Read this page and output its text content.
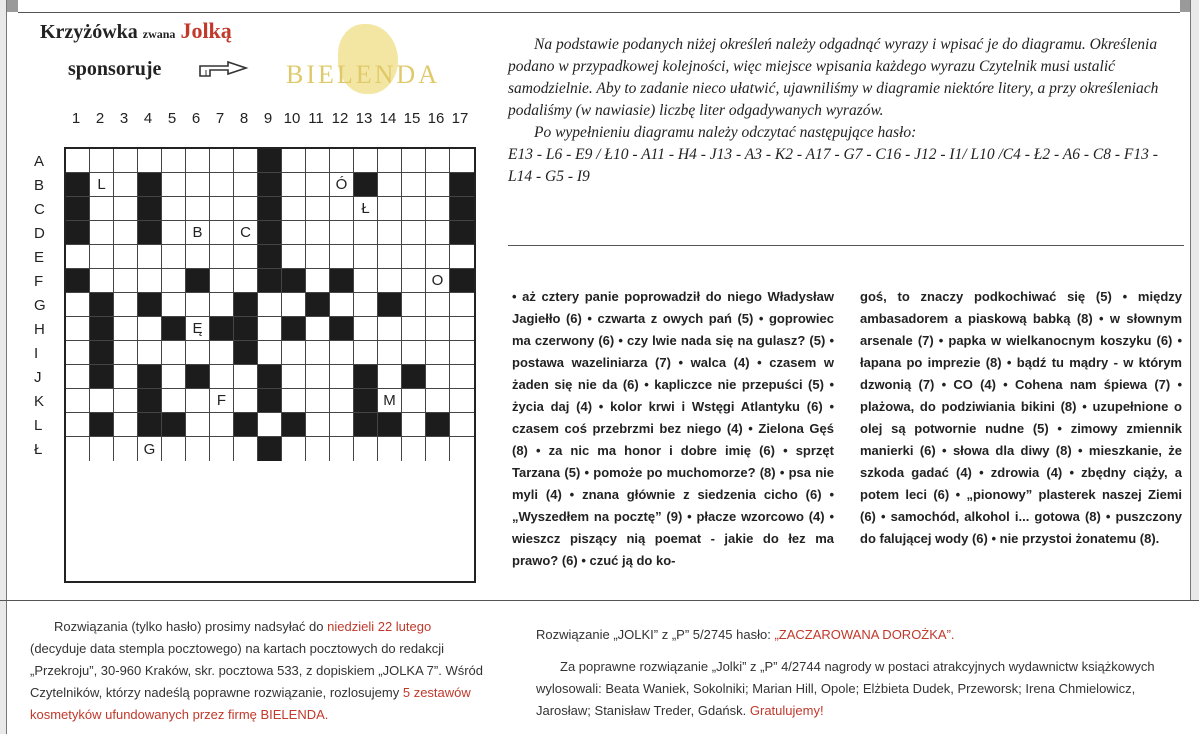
Krzyżówka zwana Jolką
sponsoruje	BIELENDA
1	2	3	4	5	6	7	8	9 10 11 12 13 14 15 16 17
A
B
C
D
E
F
G
H
I
J
K
L
Ł
L	Ó
Ł
B	C
O
Ę
F	M
G

Na podstawie podanych niżej określeń należy odgadnąć wyrazy i wpisać je do diagramu. Określenia podano w przypadkowej kolejności, więc miejsce wpisania każdego wyrazu Czytelnik musi ustalić samodzielnie. Aby to zadanie nieco ułatwić, ujawniliśmy w diagramie niektóre litery, a przy określeniach podaliśmy (w nawiasie) liczbę liter odgadywanych wyrazów.

Po wypełnieniu diagramu należy odczytać następujące hasło:

E13 - L6 - E9 / Ł10 - A11 - H4 - J13 - A3 - K2 - A17 - G7 - C16 - J12 - I1/ L10 /C4 - Ł2 - A6 - C8 - F13 - L14 - G5 - I9

• aż cztery panie poprowadził do niego Władysław Jagiełło (6) • czwarta z owych pań (5) • goprowiec ma czerwony (6) • czy lwie nada się na gulasz? (5) • postawa wazeliniarza (7) • walca (4) • czasem w żaden się nie da (6) • kapliczce nie przepuści (5) • życia daj (4) • kolor krwi i Wstęgi Atlantyku (6) • czasem coś przebrzmi bez niego (4) • Zielona Gęś (8) • za nic ma honor i dobre imię (6) • sprzęt Tarzana (5) • pomoże po muchomorze? (8) • psa nie myli (4) • znana głównie z siedzenia cicho (6) • „Wyszedłem na pocztę” (9) • płacze wzorcowo (4) • wieszcz piszący nią poemat - jakie do łez ma prawo? (6) • czuć ją do ko-
goś, to znaczy podkochiwać się (5) • między ambasadorem a piaskową babką (8) • w słownym arsenale (7) • papka w wielkanocnym koszyku (6) • łapana po imprezie (8) • bądź tu mądry - w którym dzwonią (7) • CO (4) • Cohena nam śpiewa (7) • plażowa, do podziwiania bikini (8) • uzupełnione o olej są potwornie nudne (5) • zimowy zmiennik manierki (6) • słowa dla diwy (8) • mieszkanie, że szkoda gadać (4) • zdrowia (4) • zbędny ciąży, a potem leci (6) • „pionowy” plasterek naszej Ziemi (6) • samochód, alkohol i... gotowa (8) • puszczony do falującej wody (6) • nie przystoi żonatemu (8).
Rozwiązania (tylko hasło) prosimy nadsyłać do niedzieli 22 lutego (decyduje data stempla pocztowego) na kartach pocztowych do redakcji „Przekroju”, 30-960 Kraków, skr. pocztowa 533, z dopiskiem „JOLKA 7”. Wśród Czytelników, którzy nadeślą poprawne rozwiązanie, rozlosujemy 5 zestawów kosmetyków ufundowanych przez firmę BIELENDA.
Rozwiązanie „JOLKI” z „P” 5/2745 hasło: „ZACZAROWANA DOROŻKA”.
Za poprawne rozwiązanie „Jolki” z „P” 4/2744 nagrody w postaci atrakcyjnych wydawnictw książkowych wylosowali: Beata Waniek, Sokolniki; Marian Hill, Opole; Elżbieta Dudek, Przeworsk; Irena Chmielowicz, Jarosław; Stanisław Treder, Gdańsk. Gratulujemy!
